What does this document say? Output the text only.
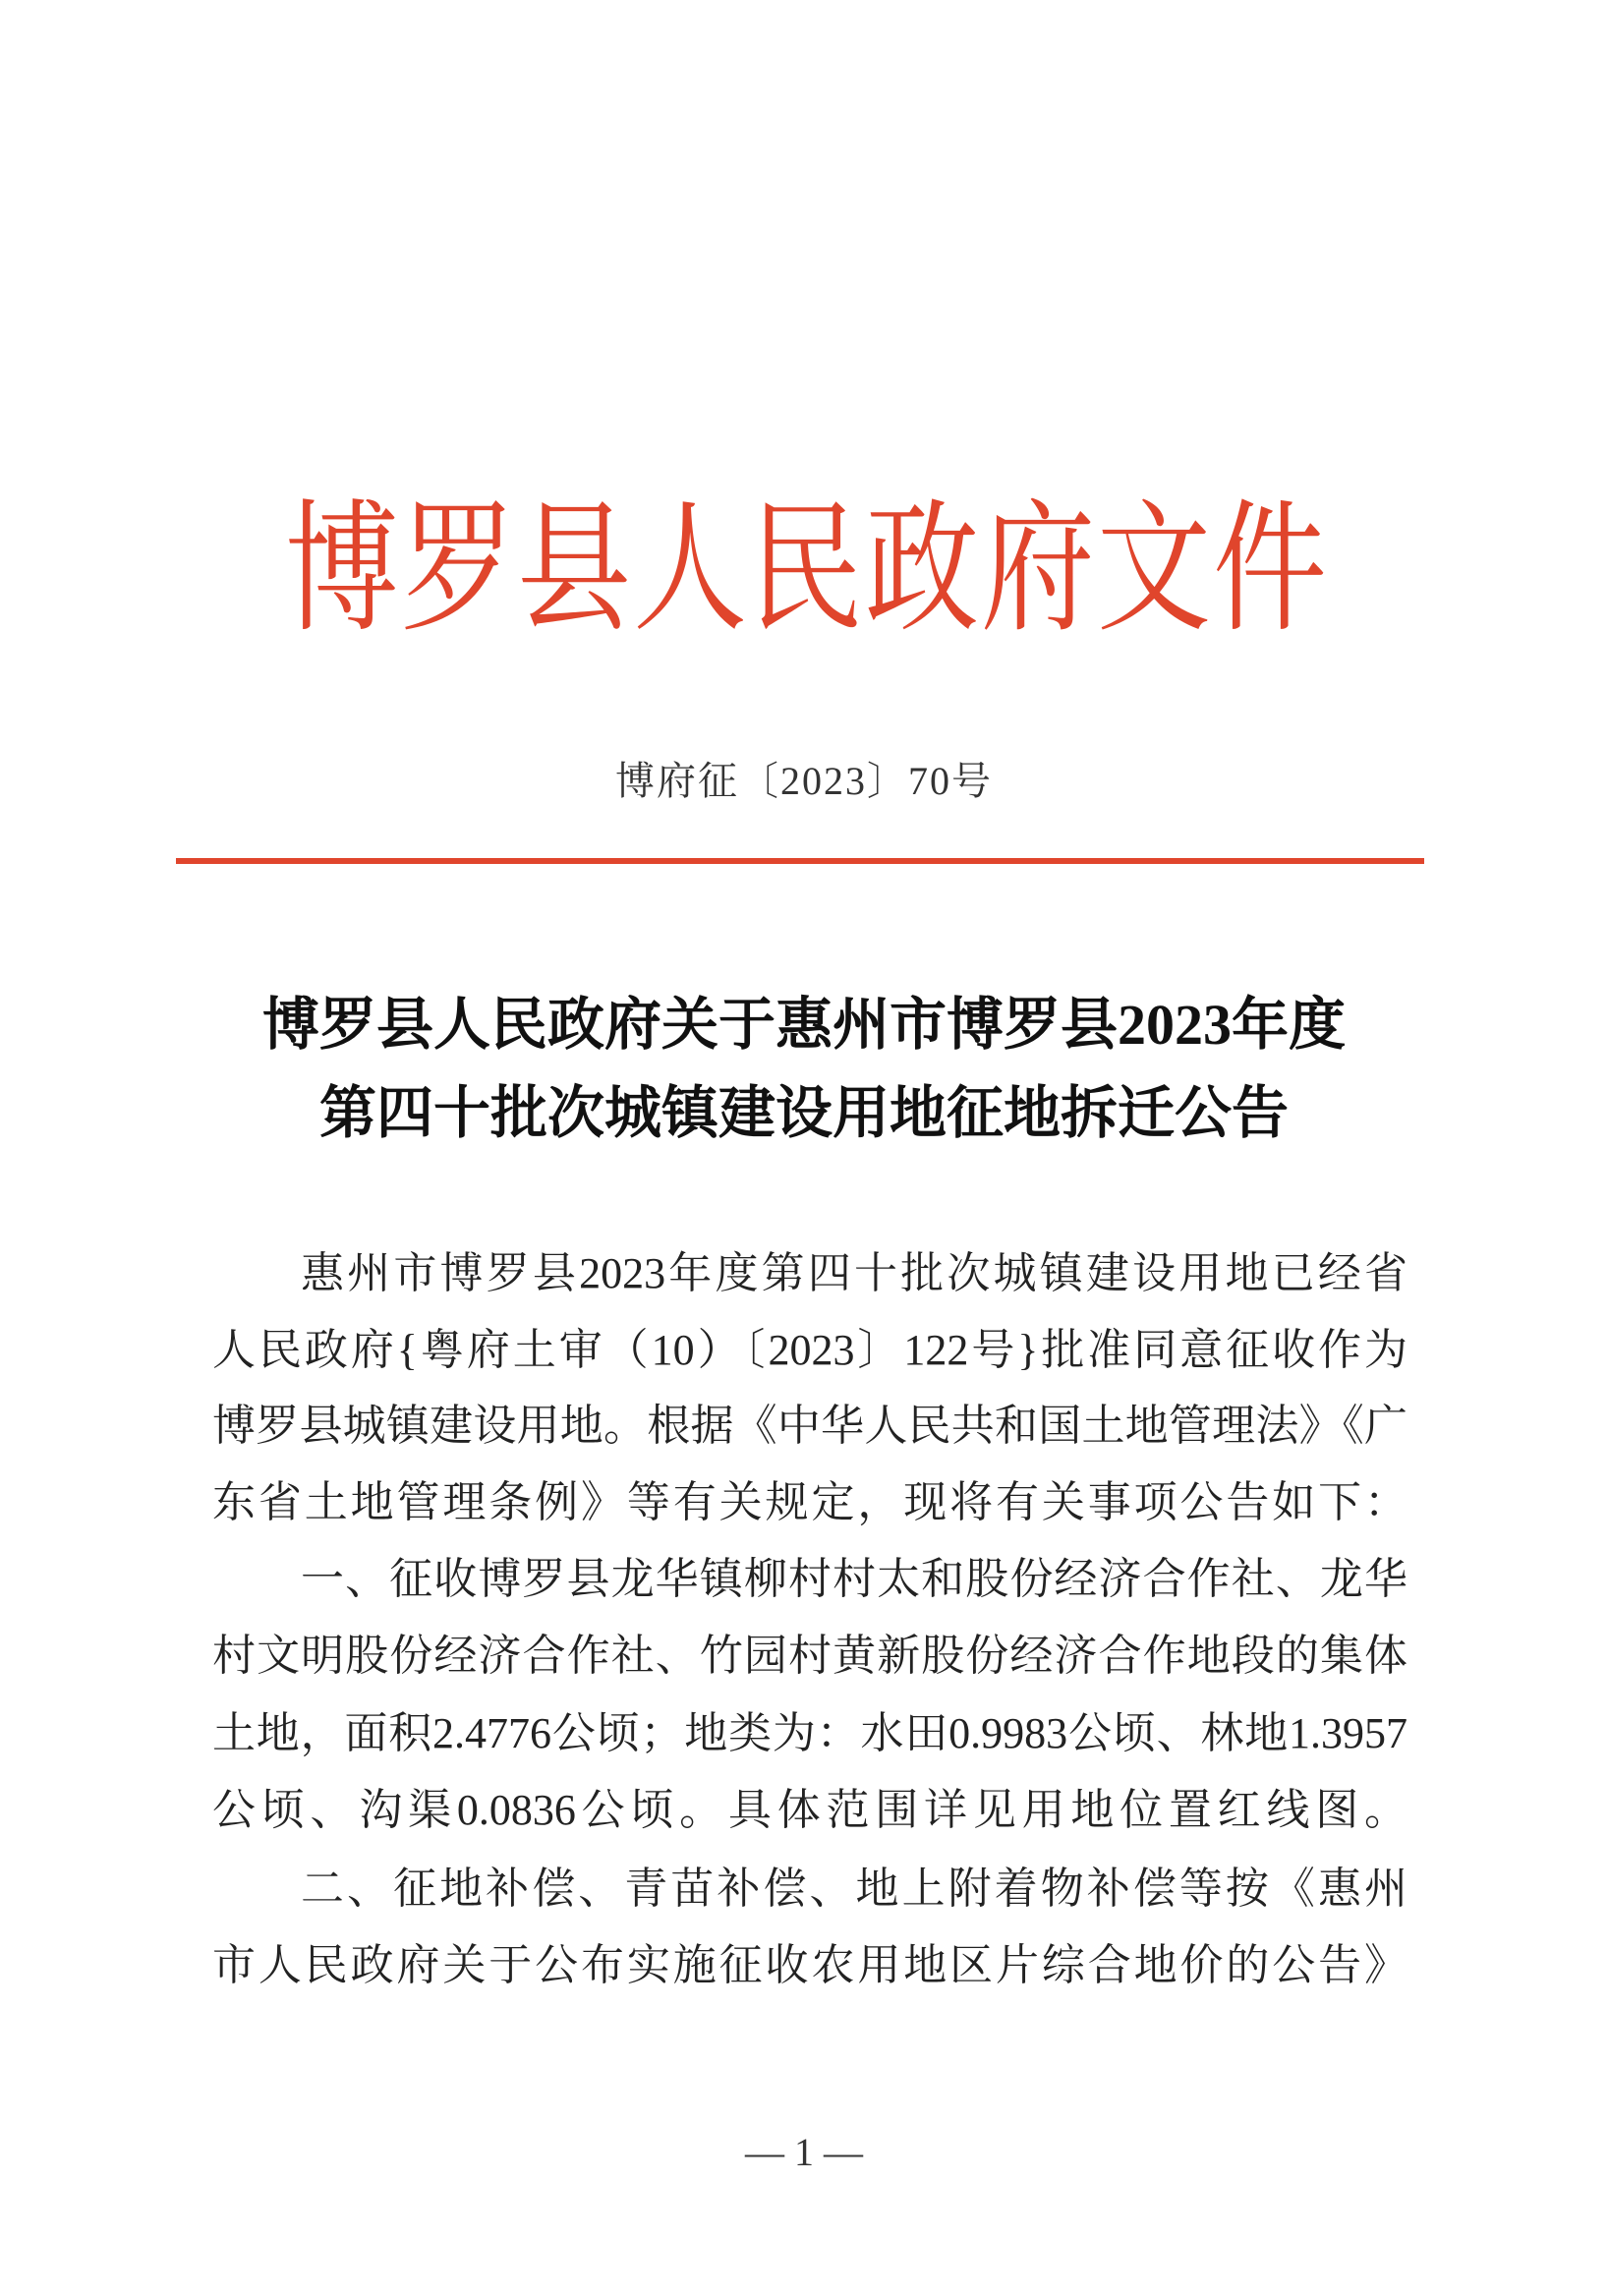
博罗县人民政府文件
博府征〔2023〕70号
博罗县人民政府关于惠州市博罗县2023年度
第四十批次城镇建设用地征地拆迁公告
惠州市博罗县2023年度第四十批次城镇建设用地已经省
人民政府{粤府土审（10）〔2023〕122号}批准同意征收作为
博罗县城镇建设用地。根据《中华人民共和国土地管理法》《广
东省土地管理条例》等有关规定，现将有关事项公告如下：
一、征收博罗县龙华镇柳村村太和股份经济合作社、龙华
村文明股份经济合作社、竹园村黄新股份经济合作地段的集体
土地，面积2.4776公顷；地类为：水田0.9983公顷、林地1.3957
公顷、沟渠0.0836公顷。具体范围详见用地位置红线图。
二、征地补偿、青苗补偿、地上附着物补偿等按《惠州
市人民政府关于公布实施征收农用地区片综合地价的公告》
— 1 —
